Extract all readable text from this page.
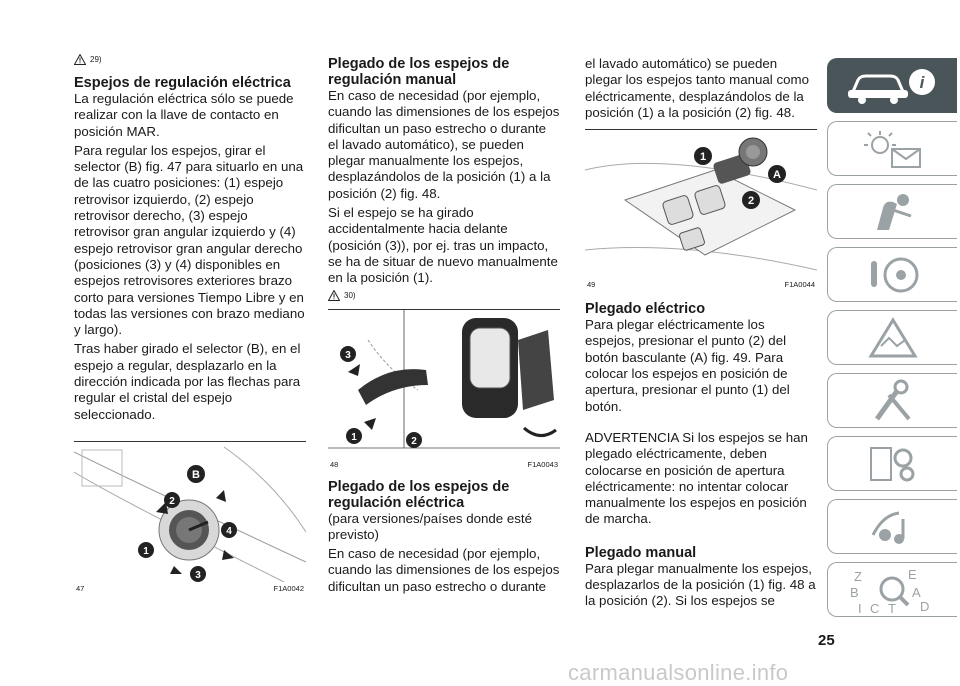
29)
Espejos de regulación eléctrica

La regulación eléctrica sólo se puede realizar con la llave de contacto en posición MAR.

Para regular los espejos, girar el selector (B) fig. 47 para situarlo en una de las cuatro posiciones: (1) espejo retrovisor izquierdo, (2) espejo retrovisor derecho, (3) espejo retrovisor gran angular izquierdo y (4) espejo retrovisor gran angular derecho (posiciones (3) y (4) disponibles en espejos retrovisores exteriores brazo corto para versiones Tiempo Libre y en todas las versiones con brazo mediano y largo).

Tras haber girado el selector (B), en el espejo a regular, desplazarlo en la dirección indicada por las flechas para regular el cristal del espejo seleccionado.

B
2
4
1
3
47	F1A0042
Plegado de los espejos de regulación manual

En caso de necesidad (por ejemplo, cuando las dimensiones de los espejos dificultan un paso estrecho o durante el lavado automático), se pueden plegar manualmente los espejos, desplazándolos de la posición (1) a la posición (2) fig. 48.

Si el espejo se ha girado accidentalmente hacia delante (posición (3)), por ej. tras un impacto, se ha de situar de nuevo manualmente en la posición (1).

30)
3
1	2
48	F1A0043
Plegado de los espejos de regulación eléctrica

(para versiones/países donde esté previsto)

En caso de necesidad (por ejemplo, cuando las dimensiones de los espejos dificultan un paso estrecho o durante

el lavado automático) se pueden plegar los espejos tanto manual como eléctricamente, desplazándolos de la posición (1) a la posición (2) fig. 48.

1
A
2
49	F1A0044
Plegado eléctrico

Para plegar eléctricamente los espejos, presionar el punto (2) del botón basculante (A) fig. 49. Para colocar los espejos en posición de apertura, presionar el punto (1) del botón.

ADVERTENCIA Si los espejos se han plegado eléctricamente, deben colocarse en posición de apertura eléctricamente: no intentar colocar manualmente los espejos en posición de marcha.

Plegado manual

Para plegar manualmente los espejos, desplazarlos de la posición (1) fig. 48 a la posición (2). Si los espejos se

i
Z	E
B	A
I C T D
25
carmanualsonline.info
